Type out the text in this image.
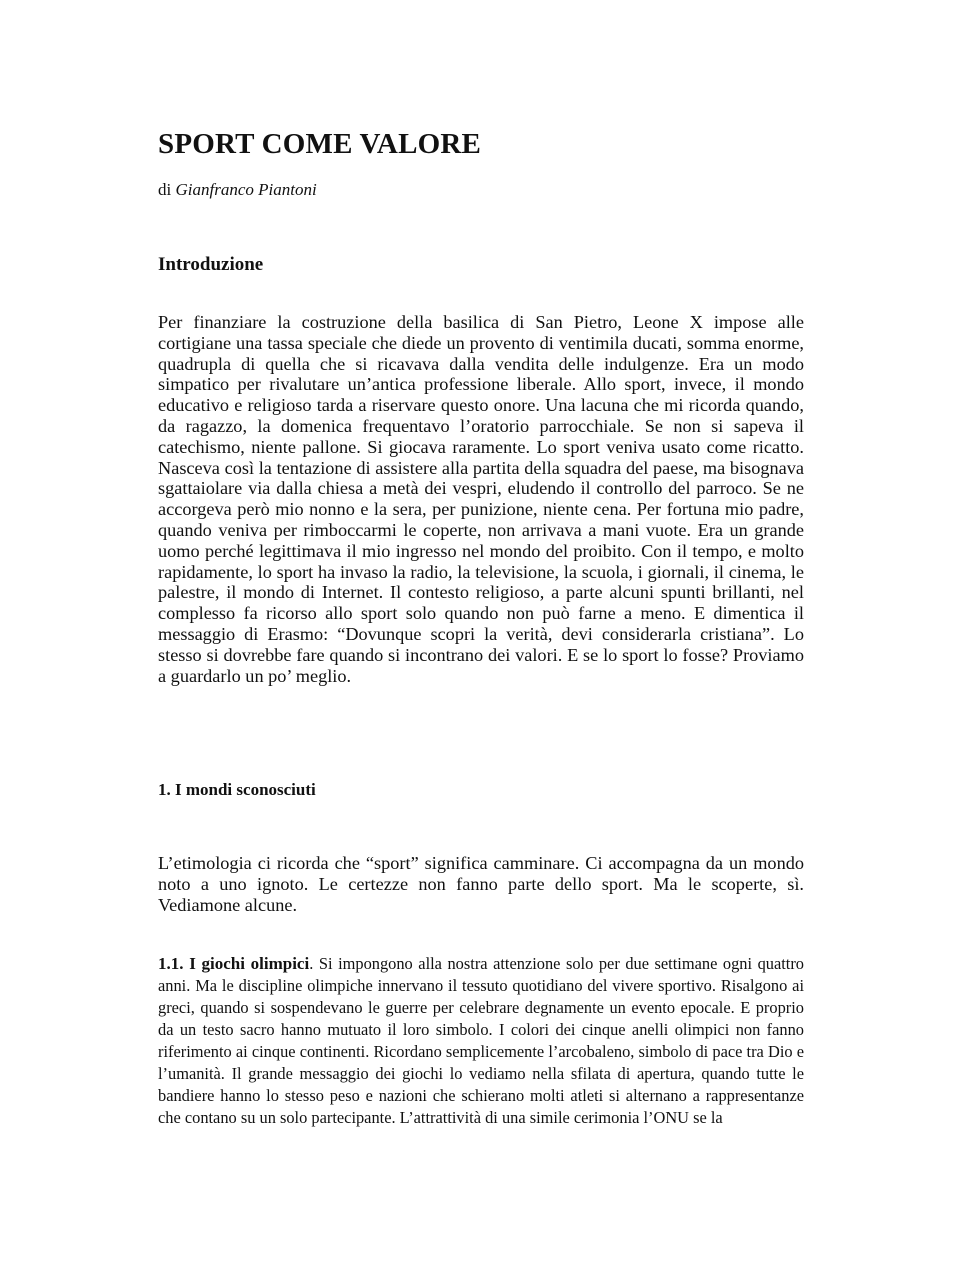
SPORT COME VALORE

di Gianfranco Piantoni

Introduzione

Per finanziare la costruzione della basilica di San Pietro, Leone X impose alle cortigiane una tassa speciale che diede un provento di ventimila ducati, somma enorme, quadrupla di quella che si ricavava dalla vendita delle indulgenze. Era un modo simpatico per rivalutare un’antica professione liberale. Allo sport, invece, il mondo educativo e religioso tarda a riservare questo onore. Una lacuna che mi ricorda quando, da ragazzo, la domenica frequentavo l’oratorio parrocchiale. Se non si sapeva il catechismo, niente pallone. Si giocava raramente. Lo sport veniva usato come ricatto. Nasceva così la tentazione di assistere alla partita della squadra del paese, ma bisognava sgattaiolare via dalla chiesa a metà dei vespri, eludendo il controllo del parroco. Se ne accorgeva però mio nonno e la sera, per punizione, niente cena. Per fortuna mio padre, quando veniva per rimboccarmi le coperte, non arrivava a mani vuote. Era un grande uomo perché legittimava il mio ingresso nel mondo del proibito. Con il tempo, e molto rapidamente, lo sport ha invaso la radio, la televisione, la scuola, i giornali, il cinema, le palestre, il mondo di Internet. Il contesto religioso, a parte alcuni spunti brillanti, nel complesso fa ricorso allo sport solo quando non può farne a meno. E dimentica il messaggio di Erasmo: “Dovunque scopri la verità, devi considerarla cristiana”. Lo stesso si dovrebbe fare quando si incontrano dei valori. E se lo sport lo fosse? Proviamo a guardarlo un po’ meglio.

1. I mondi sconosciuti

L’etimologia ci ricorda che “sport” significa camminare. Ci accompagna da un mondo noto a uno ignoto. Le certezze non fanno parte dello sport. Ma le scoperte, sì. Vediamone alcune.

1.1. I giochi olimpici. Si impongono alla nostra attenzione solo per due settimane ogni quattro anni. Ma le discipline olimpiche innervano il tessuto quotidiano del vivere sportivo. Risalgono ai greci, quando si sospendevano le guerre per celebrare degnamente un evento epocale. E proprio da un testo sacro hanno mutuato il loro simbolo. I colori dei cinque anelli olimpici non fanno riferimento ai cinque continenti. Ricordano semplicemente l’arcobaleno, simbolo di pace tra Dio e l’umanità. Il grande messaggio dei giochi lo vediamo nella sfilata di apertura, quando tutte le bandiere hanno lo stesso peso e nazioni che schierano molti atleti si alternano a rappresentanze che contano su un solo partecipante. L’attrattività di una simile cerimonia l’ONU se la
